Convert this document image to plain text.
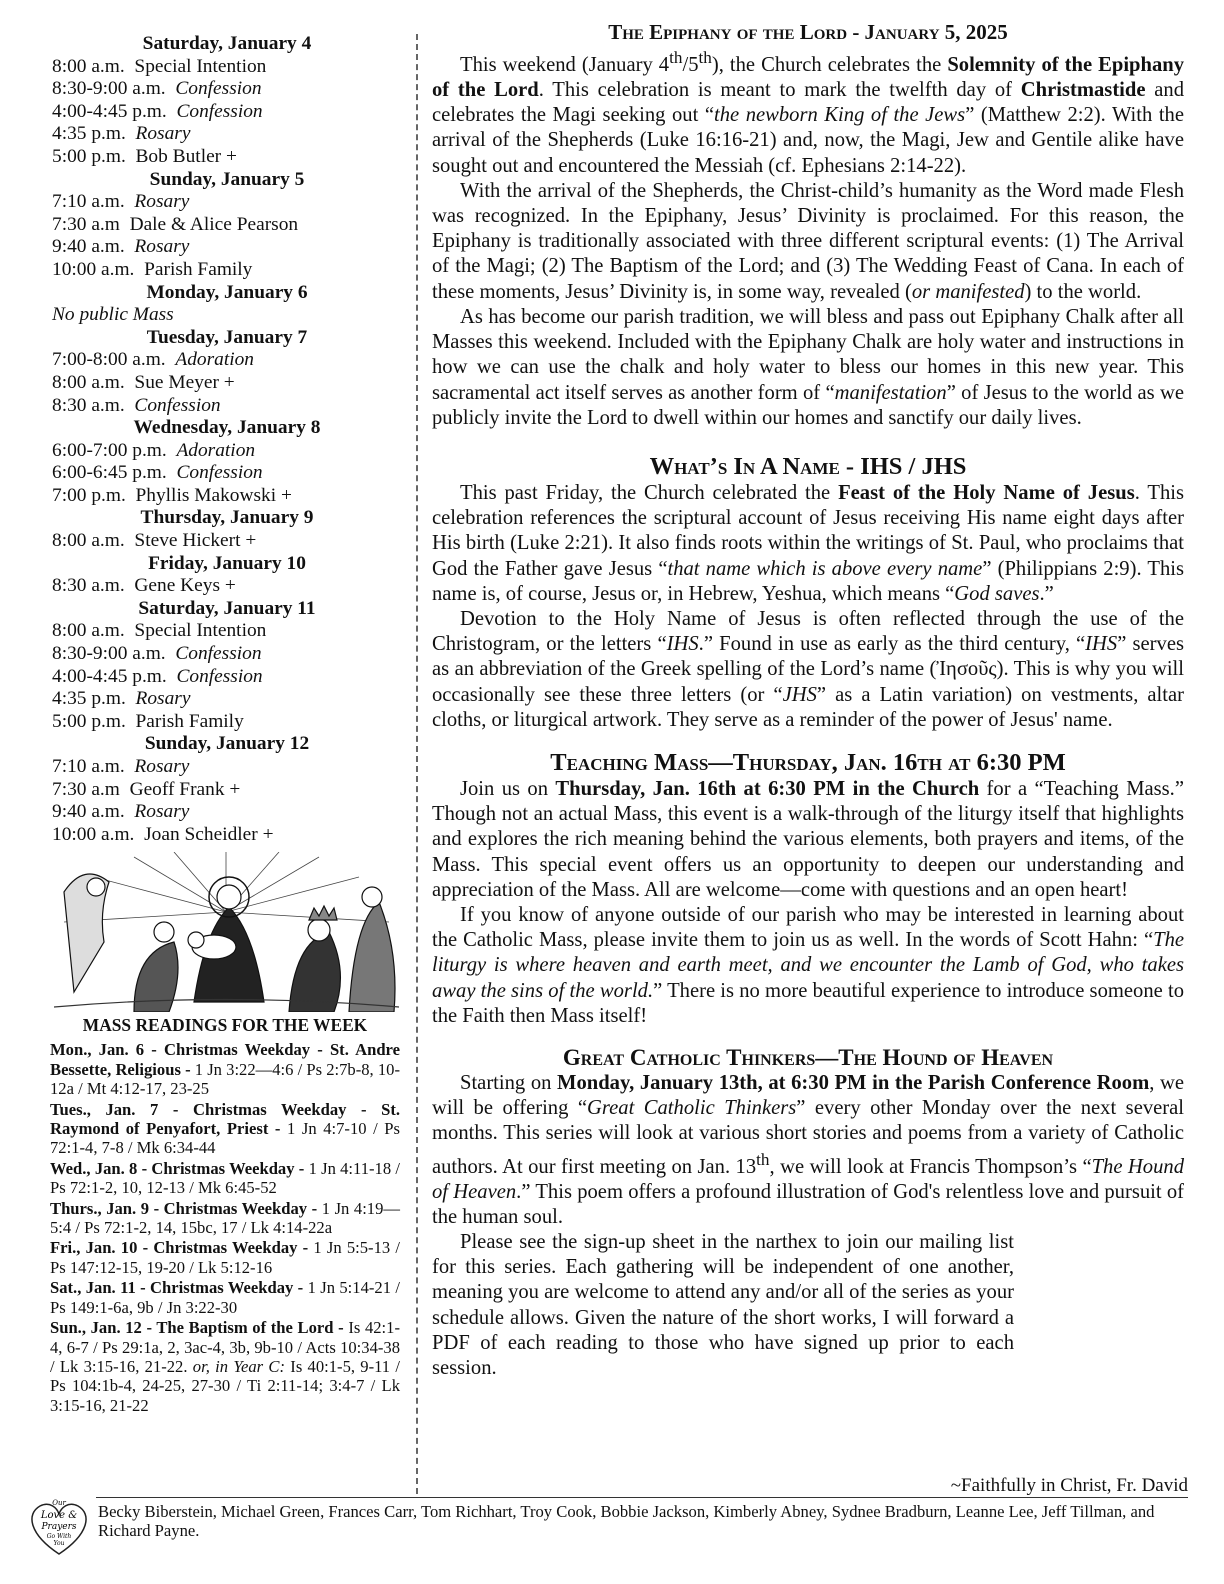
Saturday, January 4
8:00 a.m. Special Intention
8:30-9:00 a.m. Confession
4:00-4:45 p.m. Confession
4:35 p.m. Rosary
5:00 p.m. Bob Butler +
Sunday, January 5
7:10 a.m. Rosary
7:30 a.m Dale & Alice Pearson
9:40 a.m. Rosary
10:00 a.m. Parish Family
Monday, January 6
No public Mass
Tuesday, January 7
7:00-8:00 a.m. Adoration
8:00 a.m. Sue Meyer +
8:30 a.m. Confession
Wednesday, January 8
6:00-7:00 p.m. Adoration
6:00-6:45 p.m. Confession
7:00 p.m. Phyllis Makowski +
Thursday, January 9
8:00 a.m. Steve Hickert +
Friday, January 10
8:30 a.m. Gene Keys +
Saturday, January 11
8:00 a.m. Special Intention
8:30-9:00 a.m. Confession
4:00-4:45 p.m. Confession
4:35 p.m. Rosary
5:00 p.m. Parish Family
Sunday, January 12
7:10 a.m. Rosary
7:30 a.m Geoff Frank +
9:40 a.m. Rosary
10:00 a.m. Joan Scheidler +
MASS READINGS FOR THE WEEK
Mon., Jan. 6 - Christmas Weekday - St. Andre Bessette, Religious - 1 Jn 3:22—4:6 / Ps 2:7b-8, 10-12a / Mt 4:12-17, 23-25
Tues., Jan. 7 - Christmas Weekday - St. Raymond of Penyafort, Priest - 1 Jn 4:7-10 / Ps 72:1-4, 7-8 / Mk 6:34-44
Wed., Jan. 8 - Christmas Weekday - 1 Jn 4:11-18 / Ps 72:1-2, 10, 12-13 / Mk 6:45-52
Thurs., Jan. 9 - Christmas Weekday - 1 Jn 4:19—5:4 / Ps 72:1-2, 14, 15bc, 17 / Lk 4:14-22a
Fri., Jan. 10 - Christmas Weekday - 1 Jn 5:5-13 / Ps 147:12-15, 19-20 / Lk 5:12-16
Sat., Jan. 11 - Christmas Weekday - 1 Jn 5:14-21 / Ps 149:1-6a, 9b / Jn 3:22-30
Sun., Jan. 12 - The Baptism of the Lord - Is 42:1-4, 6-7 / Ps 29:1a, 2, 3ac-4, 3b, 9b-10 / Acts 10:34-38 / Lk 3:15-16, 21-22. or, in Year C: Is 40:1-5, 9-11 / Ps 104:1b-4, 24-25, 27-30 / Ti 2:11-14; 3:4-7 / Lk 3:15-16, 21-22
The Epiphany of the Lord - January 5, 2025

This weekend (January 4th/5th), the Church celebrates the Solemnity of the Epiphany of the Lord. This celebration is meant to mark the twelfth day of Christmastide and celebrates the Magi seeking out “the newborn King of the Jews” (Matthew 2:2). With the arrival of the Shepherds (Luke 16:16-21) and, now, the Magi, Jew and Gentile alike have sought out and encountered the Messiah (cf. Ephesians 2:14-22).

With the arrival of the Shepherds, the Christ-child’s humanity as the Word made Flesh was recognized. In the Epiphany, Jesus’ Divinity is proclaimed. For this reason, the Epiphany is traditionally associated with three different scriptural events: (1) The Arrival of the Magi; (2) The Baptism of the Lord; and (3) The Wedding Feast of Cana. In each of these moments, Jesus’ Divinity is, in some way, revealed (or manifested) to the world.

As has become our parish tradition, we will bless and pass out Epiphany Chalk after all Masses this weekend. Included with the Epiphany Chalk are holy water and instructions in how we can use the chalk and holy water to bless our homes in this new year. This sacramental act itself serves as another form of “manifestation” of Jesus to the world as we publicly invite the Lord to dwell within our homes and sanctify our daily lives.

What’s In A Name - IHS / JHS

This past Friday, the Church celebrated the Feast of the Holy Name of Jesus. This celebration references the scriptural account of Jesus receiving His name eight days after His birth (Luke 2:21). It also finds roots within the writings of St. Paul, who proclaims that God the Father gave Jesus “that name which is above every name” (Philippians 2:9). This name is, of course, Jesus or, in Hebrew, Yeshua, which means “God saves.”

Devotion to the Holy Name of Jesus is often reflected through the use of the Christogram, or the letters “IHS.” Found in use as early as the third century, “IHS” serves as an abbreviation of the Greek spelling of the Lord’s name (Ἰησοῦς). This is why you will occasionally see these three letters (or “JHS” as a Latin variation) on vestments, altar cloths, or liturgical artwork. They serve as a reminder of the power of Jesus' name.

Teaching Mass—Thursday, Jan. 16th at 6:30 PM

Join us on Thursday, Jan. 16th at 6:30 PM in the Church for a “Teaching Mass.” Though not an actual Mass, this event is a walk-through of the liturgy itself that highlights and explores the rich meaning behind the various elements, both prayers and items, of the Mass. This special event offers us an opportunity to deepen our understanding and appreciation of the Mass. All are welcome—come with questions and an open heart!

If you know of anyone outside of our parish who may be interested in learning about the Catholic Mass, please invite them to join us as well. In the words of Scott Hahn: “The liturgy is where heaven and earth meet, and we encounter the Lamb of God, who takes away the sins of the world.” There is no more beautiful experience to introduce someone to the Faith then Mass itself!

Great Catholic Thinkers—The Hound of Heaven

Starting on Monday, January 13th, at 6:30 PM in the Parish Conference Room, we will be offering “Great Catholic Thinkers” every other Monday over the next several months. This series will look at various short stories and poems from a variety of Catholic authors. At our first meeting on Jan. 13th, we will look at Francis Thompson’s “The Hound of Heaven.” This poem offers a profound illustration of God's relentless love and pursuit of the human soul.

Please see the sign-up sheet in the narthex to join our mailing list for this series. Each gathering will be independent of one another, meaning you are welcome to attend any and/or all of the series as your schedule allows. Given the nature of the short works, I will forward a PDF of each reading to those who have signed up prior to each session.

~Faithfully in Christ, Fr. David
Our
Love &
Prayers
Go With
You
Becky Biberstein, Michael Green, Frances Carr, Tom Richhart, Troy Cook, Bobbie Jackson, Kimberly Abney, Sydnee Bradburn, Leanne Lee, Jeff Tillman, and Richard Payne.
